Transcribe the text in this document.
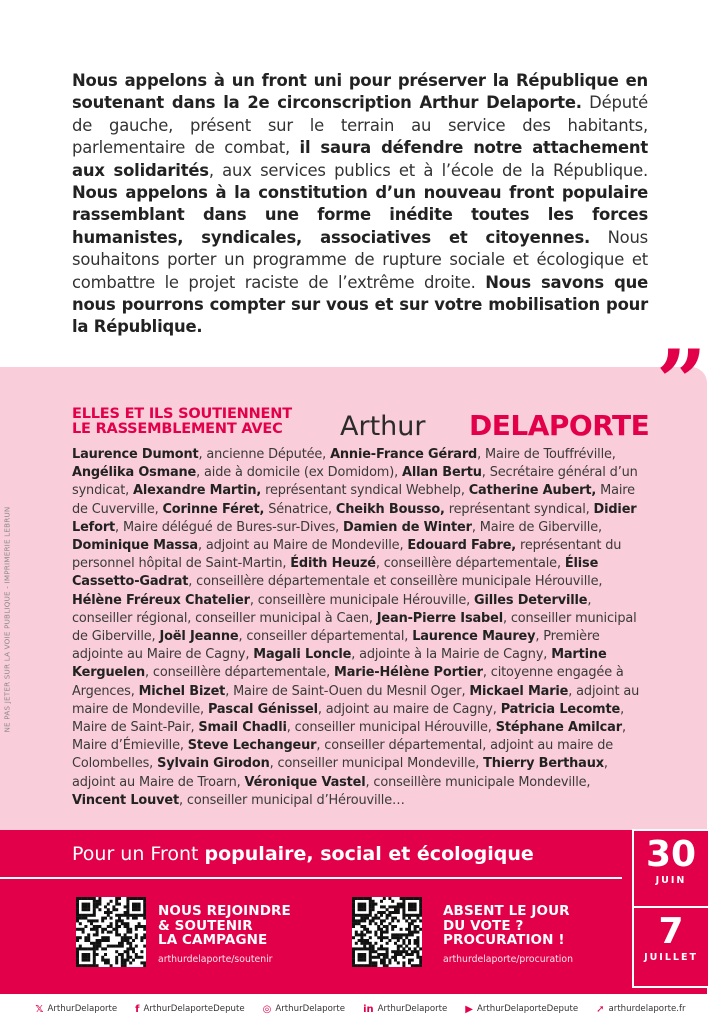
Nous appelons à un front uni pour préserver la République en soutenant dans la 2e circonscription Arthur Delaporte. Député de gauche, présent sur le terrain au service des habitants, parlementaire de combat, il saura défendre notre attachement aux solidarités, aux services publics et à l’école de la République. Nous appelons à la constitution d’un nouveau front populaire rassemblant dans une forme inédite toutes les forces humanistes, syndicales, associatives et citoyennes. Nous souhaitons porter un programme de rupture sociale et écologique et combattre le projet raciste de l’extrême droite. Nous savons que nous pourrons compter sur vous et sur votre mobilisation pour la République.
”
ELLES ET ILS SOUTIENNENT
LE RASSEMBLEMENT AVEC	Arthur DELAPORTE
Laurence Dumont, ancienne Députée, Annie-France Gérard, Maire de Touffréville, Angélika Osmane, aide à domicile (ex Domidom), Allan Bertu, Secrétaire général d’un syndicat, Alexandre Martin, représentant syndical Webhelp, Catherine Aubert, Maire de Cuverville, Corinne Féret, Sénatrice, Cheikh Bousso, représentant syndical, Didier Lefort, Maire délégué de Bures-sur-Dives, Damien de Winter, Maire de Giberville, Dominique Massa, adjoint au Maire de Mondeville, Edouard Fabre, représentant du personnel hôpital de Saint-Martin, Édith Heuzé, conseillère départementale, Élise Cassetto-Gadrat, conseillère départementale et conseillère municipale Hérouville, Hélène Fréreux Chatelier, conseillère municipale Hérouville, Gilles Deterville, conseiller régional, conseiller municipal à Caen, Jean-Pierre Isabel, conseiller municipal de Giberville, Joël Jeanne, conseiller départemental, Laurence Maurey, Première adjointe au Maire de Cagny, Magali Loncle, adjointe à la Mairie de Cagny, Martine Kerguelen, conseillère départementale, Marie-Hélène Portier, citoyenne engagée à Argences, Michel Bizet, Maire de Saint-Ouen du Mesnil Oger, Mickael Marie, adjoint au maire de Mondeville, Pascal Génissel, adjoint au maire de Cagny, Patricia Lecomte, Maire de Saint-Pair, Smail Chadli, conseiller municipal Hérouville, Stéphane Amilcar, Maire d’Émieville, Steve Lechangeur, conseiller départemental, adjoint au maire de Colombelles, Sylvain Girodon, conseiller municipal Mondeville, Thierry Berthaux, adjoint au Maire de Troarn, Véronique Vastel, conseillère municipale Mondeville, Vincent Louvet, conseiller municipal d’Hérouville…
NE PAS JETER SUR LA VOIE PUBLIQUE - IMPRIMERIE LEBRUN
Pour un Front populaire, social et écologique
NOUS REJOINDRE
& SOUTENIR
LA CAMPAGNE
arthurdelaporte/soutenir
ABSENT LE JOUR
DU VOTE ?
PROCURATION !
arthurdelaporte/procuration
30
JUIN
7
JUILLET
𝕏 ArthurDelaporte f ArthurDelaporteDepute ◎ ArthurDelaporte in ArthurDelaporte ▶ ArthurDelaporteDepute ➚ arthurdelaporte.fr
